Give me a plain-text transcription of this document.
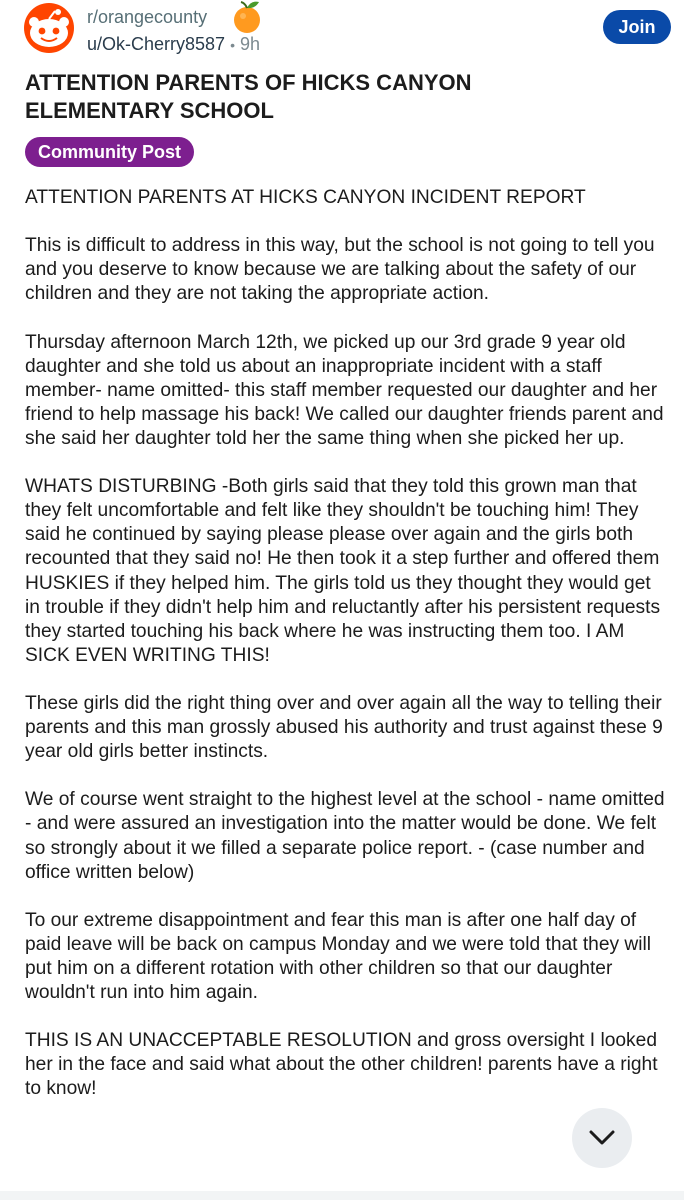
r/orangecounty
u/Ok-Cherry8587 • 9h
Join
ATTENTION PARENTS OF HICKS CANYON ELEMENTARY SCHOOL
Community Post

ATTENTION PARENTS AT HICKS CANYON INCIDENT REPORT

This is difficult to address in this way, but the school is not going to tell you and you deserve to know because we are talking about the safety of our children and they are not taking the appropriate action.

Thursday afternoon March 12th, we picked up our 3rd grade 9 year old daughter and she told us about an inappropriate incident with a staff member- name omitted- this staff member requested our daughter and her friend to help massage his back! We called our daughter friends parent and she said her daughter told her the same thing when she picked her up.

WHATS DISTURBING -Both girls said that they told this grown man that they felt uncomfortable and felt like they shouldn't be touching him! They said he continued by saying please please over again and the girls both recounted that they said no! He then took it a step further and offered them HUSKIES if they helped him. The girls told us they thought they would get in trouble if they didn't help him and reluctantly after his persistent requests they started touching his back where he was instructing them too. I AM SICK EVEN WRITING THIS!

These girls did the right thing over and over again all the way to telling their parents and this man grossly abused his authority and trust against these 9 year old girls better instincts.

We of course went straight to the highest level at the school - name omitted - and were assured an investigation into the matter would be done. We felt so strongly about it we filled a separate police report. - (case number and office written below)

To our extreme disappointment and fear this man is after one half day of paid leave will be back on campus Monday and we were told that they will put him on a different rotation with other children so that our daughter wouldn't run into him again.

THIS IS AN UNACCEPTABLE RESOLUTION and gross oversight I looked her in the face and said what about the other children! parents have a right to know!
